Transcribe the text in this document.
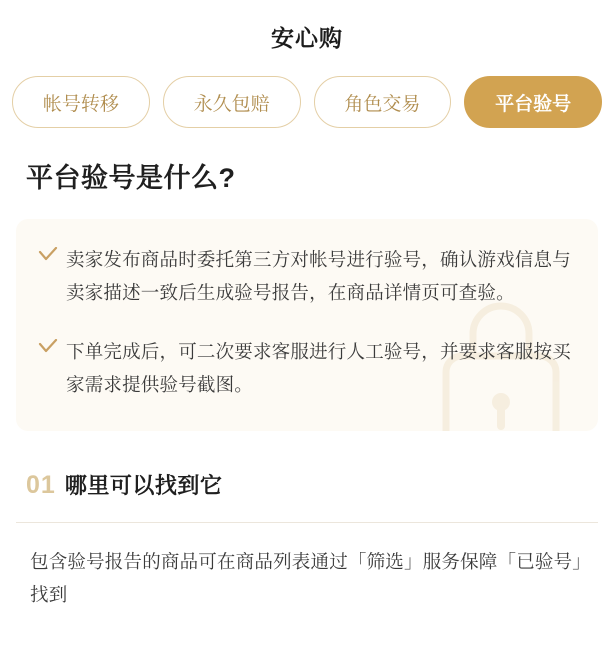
安心购
帐号转移	永久包赔	角色交易	平台验号
平台验号是什么?
卖家发布商品时委托第三方对帐号进行验号，确认游戏信息与卖家描述一致后生成验号报告，在商品详情页可查验。
下单完成后，可二次要求客服进行人工验号，并要求客服按买家需求提供验号截图。
01 哪里可以找到它
包含验号报告的商品可在商品列表通过「筛选」服务保障「已验号」找到
